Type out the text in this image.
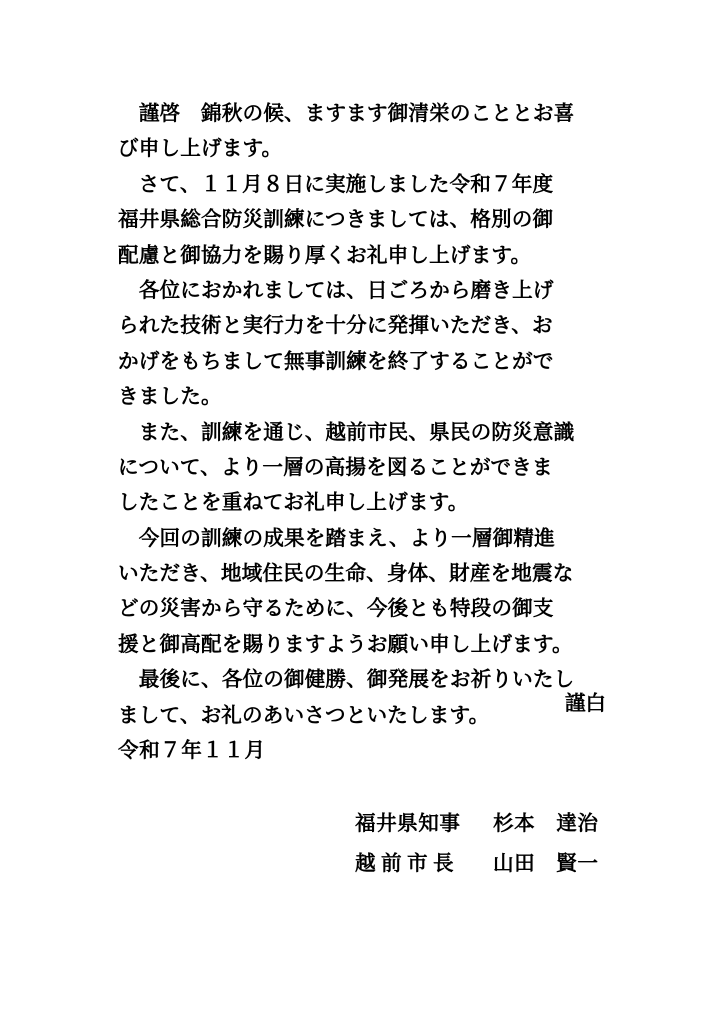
　謹啓　錦秋の候、ますます御清栄のこととお喜
び申し上げます。
　さて、１１月８日に実施しました令和７年度
福井県総合防災訓練につきましては、格別の御
配慮と御協力を賜り厚くお礼申し上げます。
　各位におかれましては、日ごろから磨き上げ
られた技術と実行力を十分に発揮いただき、お
かげをもちまして無事訓練を終了することがで
きました。
　また、訓練を通じ、越前市民、県民の防災意識
について、より一層の高揚を図ることができま
したことを重ねてお礼申し上げます。
　今回の訓練の成果を踏まえ、より一層御精進
いただき、地域住民の生命、身体、財産を地震な
どの災害から守るために、今後とも特段の御支
援と御高配を賜りますようお願い申し上げます。
　最後に、各位の御健勝、御発展をお祈りいたし
まして、お礼のあいさつといたします。	謹白
令和７年１１月
福井県知事 杉本　達治
越前市長 山田　賢一
